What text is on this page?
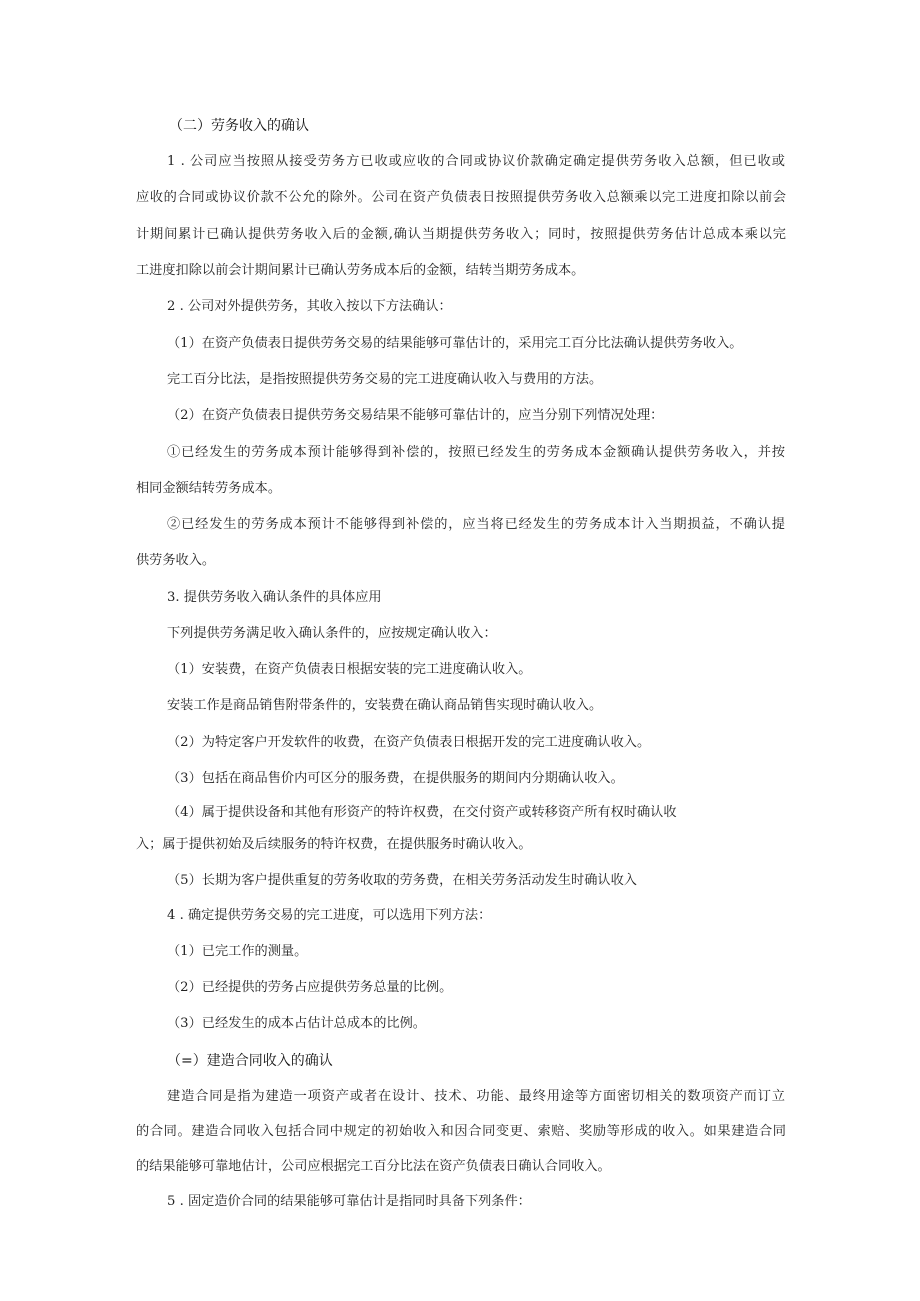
（二）劳务收入的确认
1 . 公司应当按照从接受劳务方已收或应收的合同或协议价款确定确定提供劳务收入总额，但已收或
应收的合同或协议价款不公允的除外。公司在资产负债表日按照提供劳务收入总额乘以完工进度扣除以前会
计期间累计已确认提供劳务收入后的金额,确认当期提供劳务收入；同时，按照提供劳务估计总成本乘以完
工进度扣除以前会计期间累计已确认劳务成本后的金额，结转当期劳务成本。
2 . 公司对外提供劳务，其收入按以下方法确认：
（1）在资产负债表日提供劳务交易的结果能够可靠估计的，采用完工百分比法确认提供劳务收入。
完工百分比法，是指按照提供劳务交易的完工进度确认收入与费用的方法。
（2）在资产负债表日提供劳务交易结果不能够可靠估计的，应当分别下列情况处理：
①已经发生的劳务成本预计能够得到补偿的，按照已经发生的劳务成本金额确认提供劳务收入，并按
相同金额结转劳务成本。
②已经发生的劳务成本预计不能够得到补偿的，应当将已经发生的劳务成本计入当期损益，不确认提
供劳务收入。
3. 提供劳务收入确认条件的具体应用
下列提供劳务满足收入确认条件的，应按规定确认收入：
（1）安装费，在资产负债表日根据安装的完工进度确认收入。
安装工作是商品销售附带条件的，安装费在确认商品销售实现时确认收入。
（2）为特定客户开发软件的收费，在资产负债表日根据开发的完工进度确认收入。
（3）包括在商品售价内可区分的服务费，在提供服务的期间内分期确认收入。
（4）属于提供设备和其他有形资产的特许权费，在交付资产或转移资产所有权时确认收
入；属于提供初始及后续服务的特许权费，在提供服务时确认收入。
（5）长期为客户提供重复的劳务收取的劳务费，在相关劳务活动发生时确认收入
4 . 确定提供劳务交易的完工进度，可以选用下列方法：
（1）已完工作的测量。
（2）已经提供的劳务占应提供劳务总量的比例。
（3）已经发生的成本占估计总成本的比例。
（=）建造合同收入的确认
建造合同是指为建造一项资产或者在设计、技术、功能、最终用途等方面密切相关的数项资产而订立
的合同。建造合同收入包括合同中规定的初始收入和因合同变更、索赔、奖励等形成的收入。如果建造合同
的结果能够可靠地估计，公司应根据完工百分比法在资产负债表日确认合同收入。
5 . 固定造价合同的结果能够可靠估计是指同时具备下列条件：
